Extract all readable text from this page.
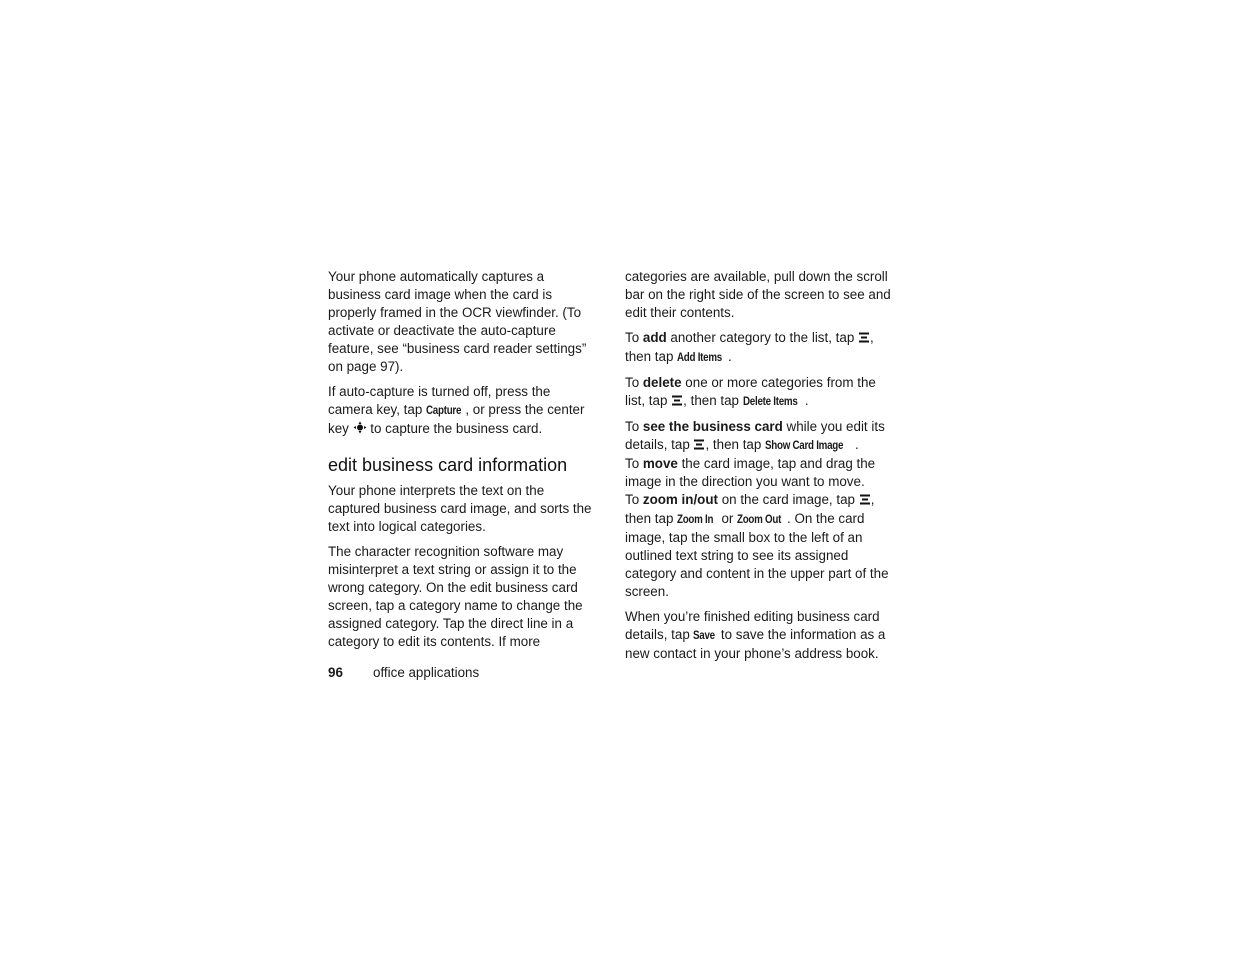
Your phone automatically captures a business card image when the card is properly framed in the OCR viewfinder. (To activate or deactivate the auto-capture feature, see “business card reader settings” on page 97).

If auto-capture is turned off, press the camera key, tap Capture , or press the center key  to capture the business card.

edit business card information

Your phone interprets the text on the captured business card image, and sorts the text into logical categories.

The character recognition software may misinterpret a text string or assign it to the wrong category. On the edit business card screen, tap a category name to change the assigned category. Tap the direct line in a category to edit its contents. If more

categories are available, pull down the scroll bar on the right side of the screen to see and edit their contents.

To add another category to the list, tap , then tap Add Items .

To delete one or more categories from the list, tap , then tap Delete Items .

To see the business card while you edit its details, tap , then tap Show Card Image .

To move the card image, tap and drag the image in the direction you want to move.

To zoom in/out on the card image, tap , then tap Zoom In or Zoom Out . On the card image, tap the small box to the left of an outlined text string to see its assigned category and content in the upper part of the screen.

When you’re finished editing business card details, tap Save to save the information as a new contact in your phone’s address book.

96 office applications
